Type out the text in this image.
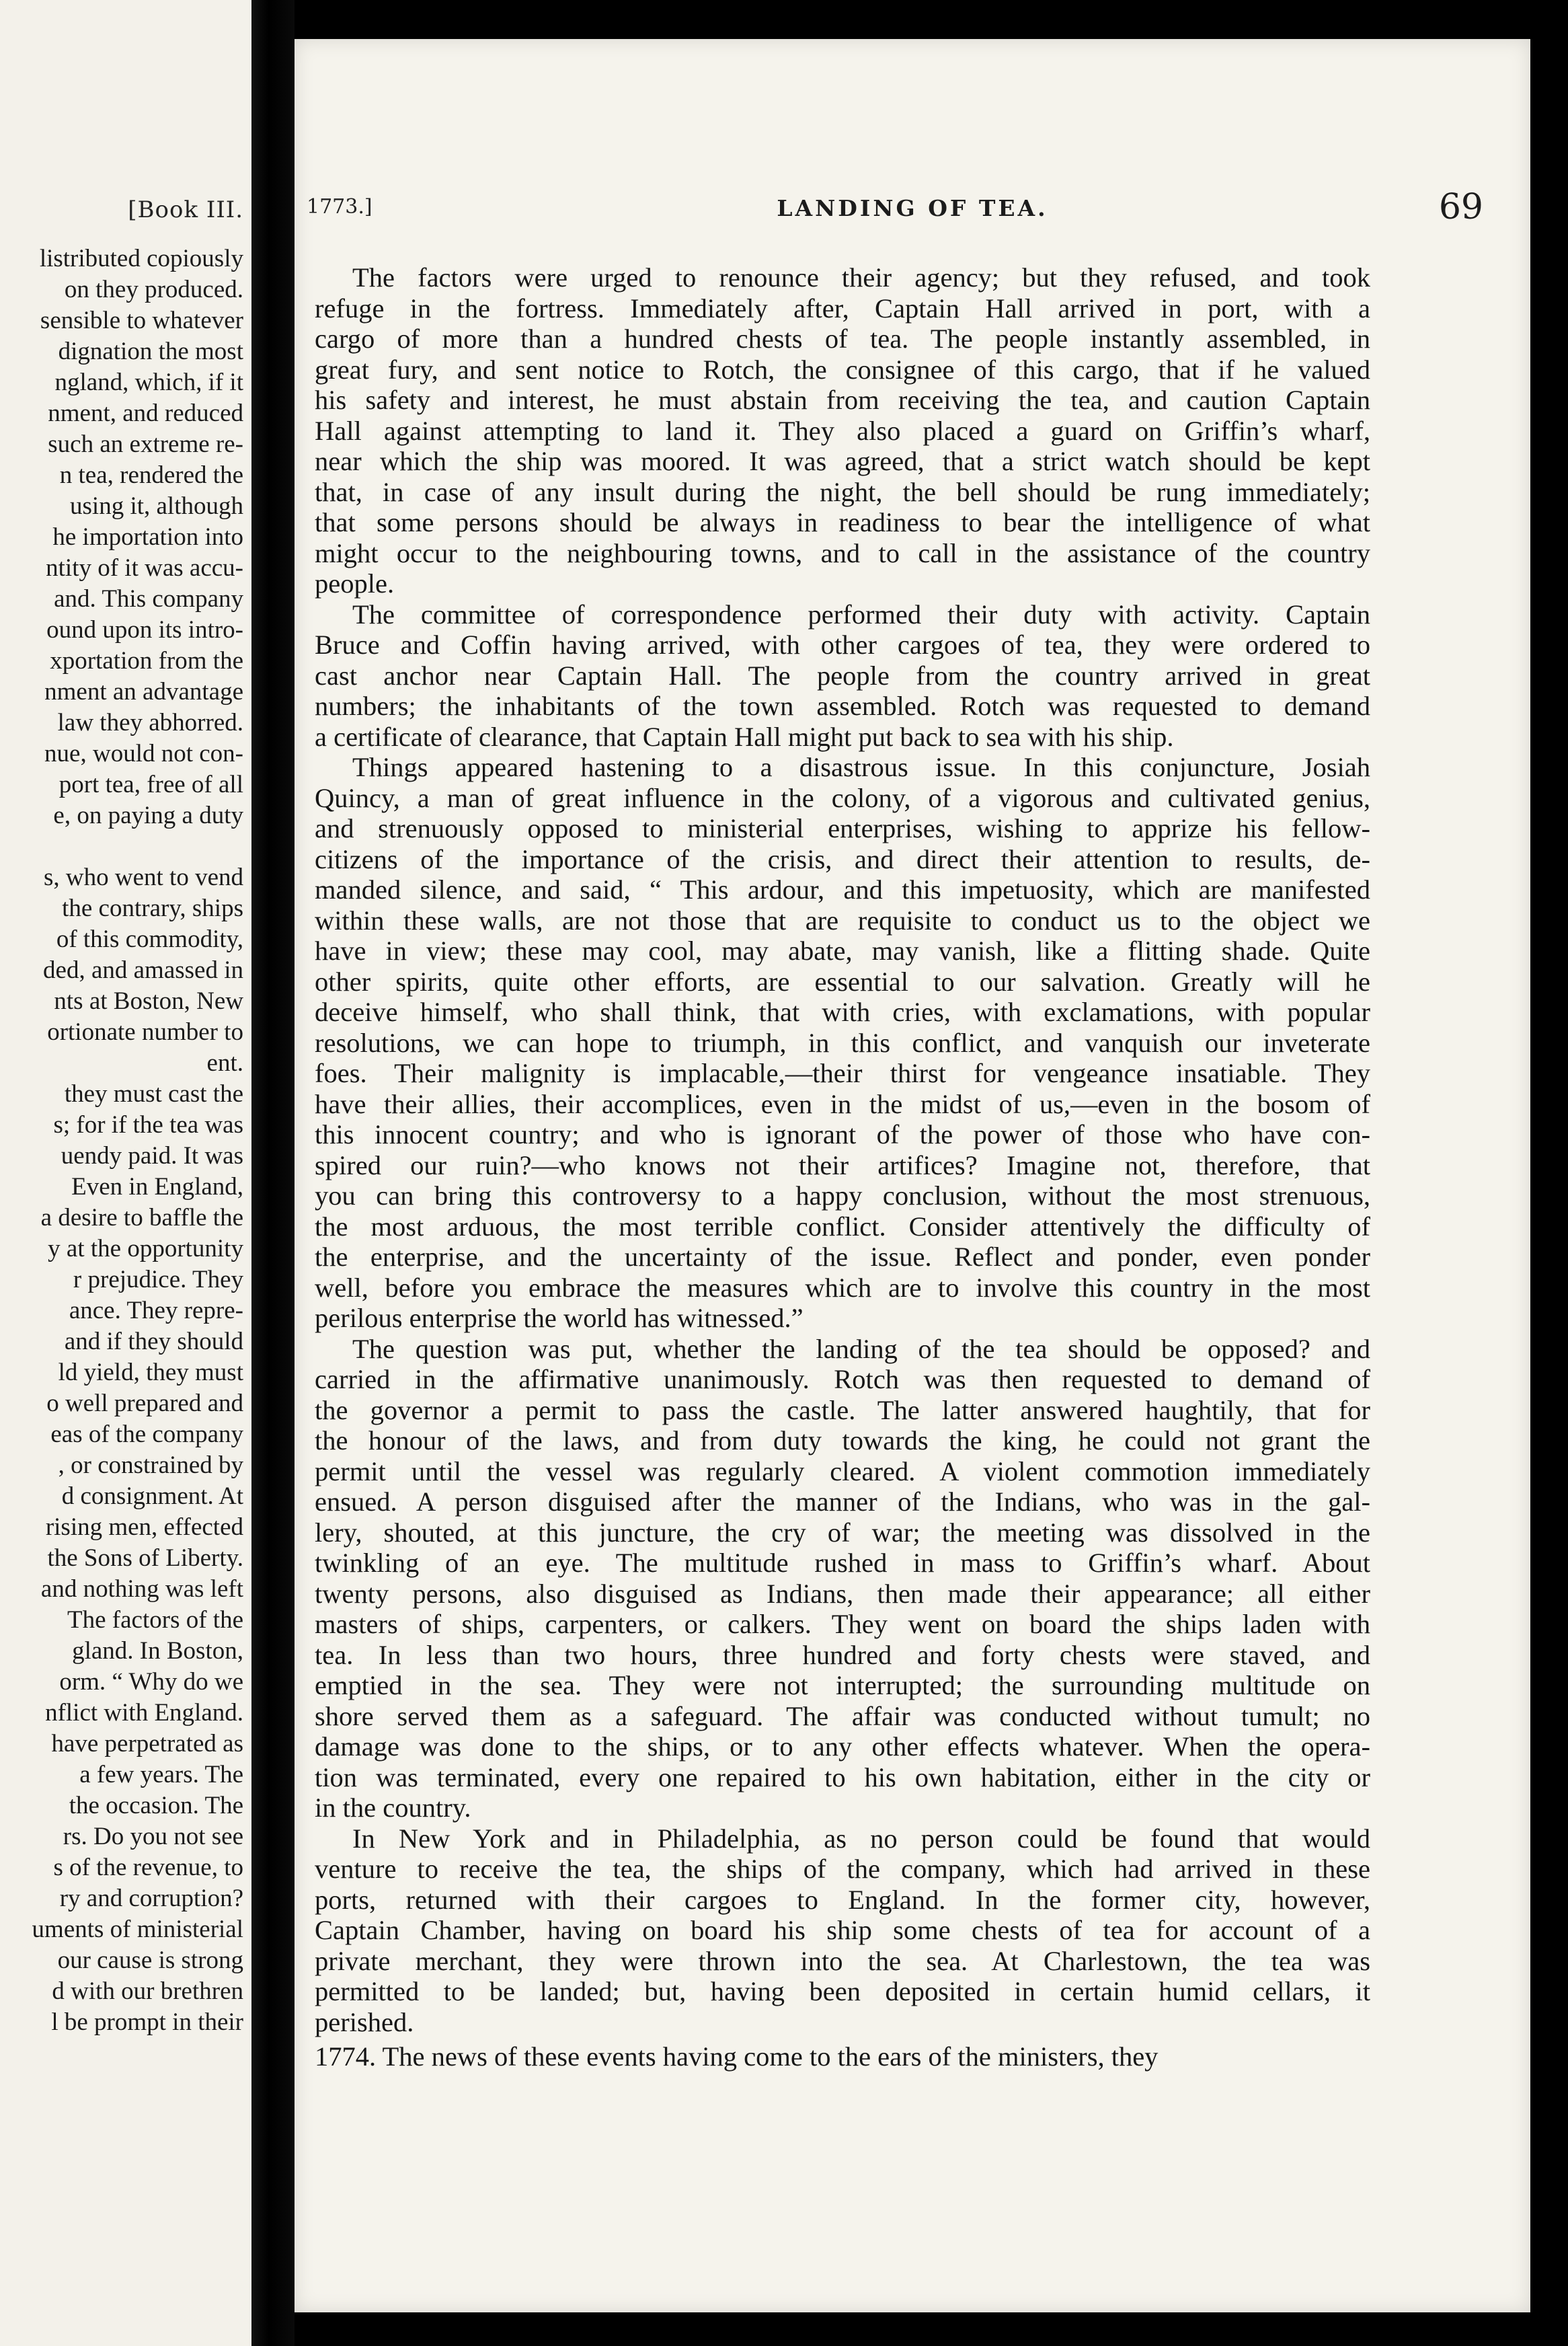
[Book III.
listributed copiously
on they produced.
sensible to whatever
dignation the most
ngland, which, if it
nment, and reduced
such an extreme re-
n tea, rendered the
using it, although
he importation into
ntity of it was accu-
and. This company
ound upon its intro-
xportation from the
nment an advantage
law they abhorred.
nue, would not con-
port tea, free of all
e, on paying a duty
s, who went to vend
the contrary, ships
of this commodity,
ded, and amassed in
nts at Boston, New
ortionate number to
ent.
they must cast the
s; for if the tea was
uendy paid. It was
Even in England,
a desire to baffle the
y at the opportunity
r prejudice. They
ance. They repre-
and if they should
ld yield, they must
o well prepared and
eas of the company
, or constrained by
d consignment. At
rising men, effected
the Sons of Liberty.
and nothing was left
The factors of the
gland. In Boston,
orm. “ Why do we
nflict with England.
have perpetrated as
a few years. The
the occasion. The
rs. Do you not see
s of the revenue, to
ry and corruption?
uments of ministerial
our cause is strong
d with our brethren
l be prompt in their
1773.]	LANDING OF TEA.	69
The factors were urged to renounce their agency; but they refused, and took
refuge in the fortress. Immediately after, Captain Hall arrived in port, with a
cargo of more than a hundred chests of tea. The people instantly assembled, in
great fury, and sent notice to Rotch, the consignee of this cargo, that if he valued
his safety and interest, he must abstain from receiving the tea, and caution Captain
Hall against attempting to land it. They also placed a guard on Griffin’s wharf,
near which the ship was moored. It was agreed, that a strict watch should be kept
that, in case of any insult during the night, the bell should be rung immediately;
that some persons should be always in readiness to bear the intelligence of what
might occur to the neighbouring towns, and to call in the assistance of the country
people.
The committee of correspondence performed their duty with activity. Captain
Bruce and Coffin having arrived, with other cargoes of tea, they were ordered to
cast anchor near Captain Hall. The people from the country arrived in great
numbers; the inhabitants of the town assembled. Rotch was requested to demand
a certificate of clearance, that Captain Hall might put back to sea with his ship.
Things appeared hastening to a disastrous issue. In this conjuncture, Josiah
Quincy, a man of great influence in the colony, of a vigorous and cultivated genius,
and strenuously opposed to ministerial enterprises, wishing to apprize his fellow-
citizens of the importance of the crisis, and direct their attention to results, de-
manded silence, and said, “ This ardour, and this impetuosity, which are manifested
within these walls, are not those that are requisite to conduct us to the object we
have in view; these may cool, may abate, may vanish, like a flitting shade. Quite
other spirits, quite other efforts, are essential to our salvation. Greatly will he
deceive himself, who shall think, that with cries, with exclamations, with popular
resolutions, we can hope to triumph, in this conflict, and vanquish our inveterate
foes. Their malignity is implacable,—their thirst for vengeance insatiable. They
have their allies, their accomplices, even in the midst of us,—even in the bosom of
this innocent country; and who is ignorant of the power of those who have con-
spired our ruin?—who knows not their artifices? Imagine not, therefore, that
you can bring this controversy to a happy conclusion, without the most strenuous,
the most arduous, the most terrible conflict. Consider attentively the difficulty of
the enterprise, and the uncertainty of the issue. Reflect and ponder, even ponder
well, before you embrace the measures which are to involve this country in the most
perilous enterprise the world has witnessed.”
The question was put, whether the landing of the tea should be opposed? and
carried in the affirmative unanimously. Rotch was then requested to demand of
the governor a permit to pass the castle. The latter answered haughtily, that for
the honour of the laws, and from duty towards the king, he could not grant the
permit until the vessel was regularly cleared. A violent commotion immediately
ensued. A person disguised after the manner of the Indians, who was in the gal-
lery, shouted, at this juncture, the cry of war; the meeting was dissolved in the
twinkling of an eye. The multitude rushed in mass to Griffin’s wharf. About
twenty persons, also disguised as Indians, then made their appearance; all either
masters of ships, carpenters, or calkers. They went on board the ships laden with
tea. In less than two hours, three hundred and forty chests were staved, and
emptied in the sea. They were not interrupted; the surrounding multitude on
shore served them as a safeguard. The affair was conducted without tumult; no
damage was done to the ships, or to any other effects whatever. When the opera-
tion was terminated, every one repaired to his own habitation, either in the city or
in the country.
In New York and in Philadelphia, as no person could be found that would
venture to receive the tea, the ships of the company, which had arrived in these
ports, returned with their cargoes to England. In the former city, however,
Captain Chamber, having on board his ship some chests of tea for account of a
private merchant, they were thrown into the sea. At Charlestown, the tea was
permitted to be landed; but, having been deposited in certain humid cellars, it
perished.
1774. The news of these events having come to the ears of the ministers, they
